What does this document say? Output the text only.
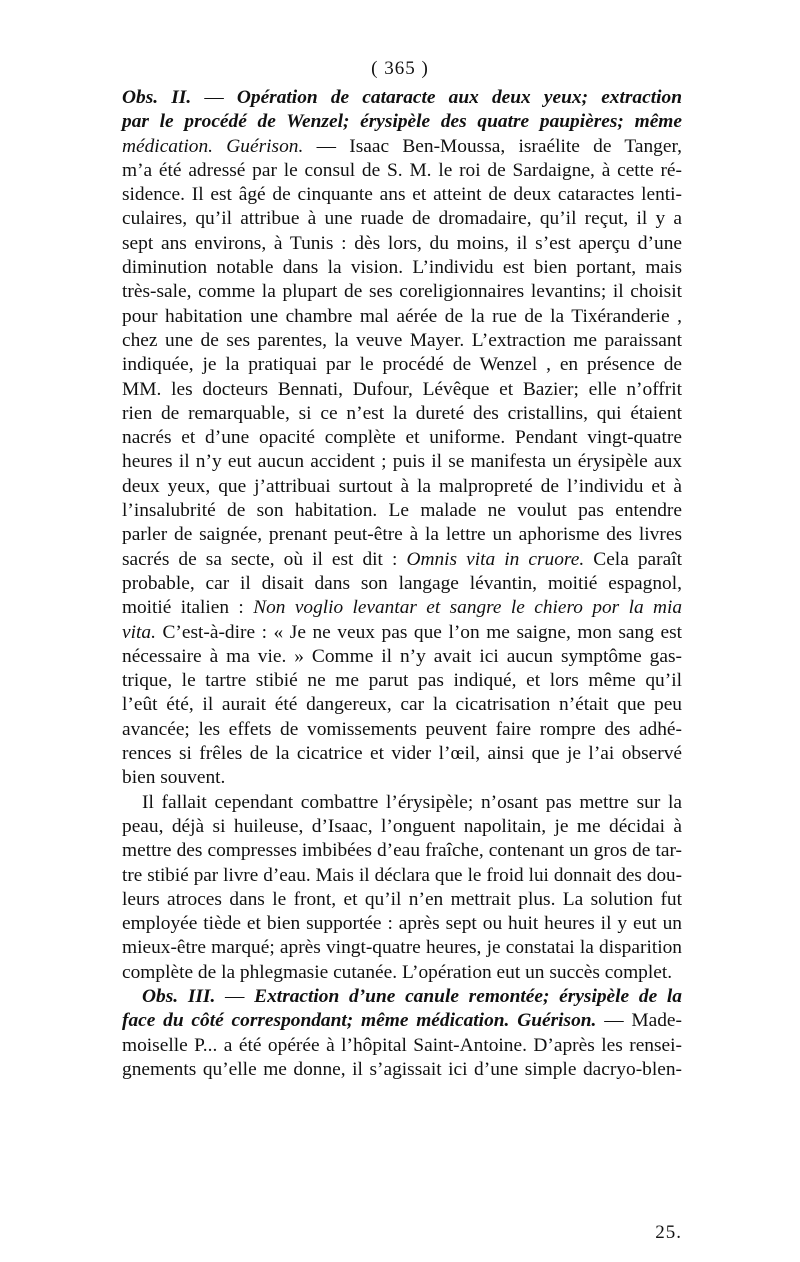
( 365 )
Obs. II. — Opération de cataracte aux deux yeux; extraction
par le procédé de Wenzel; érysipèle des quatre paupières; même
médication. Guérison. — Isaac Ben-Moussa, israélite de Tanger,
m’a été adressé par le consul de S. M. le roi de Sardaigne, à cette ré-
sidence. Il est âgé de cinquante ans et atteint de deux cataractes lenti-
culaires, qu’il attribue à une ruade de dromadaire, qu’il reçut, il y a
sept ans environs, à Tunis : dès lors, du moins, il s’est aperçu d’une
diminution notable dans la vision. L’individu est bien portant, mais
très-sale, comme la plupart de ses coreligionnaires levantins; il choisit
pour habitation une chambre mal aérée de la rue de la Tixéranderie ,
chez une de ses parentes, la veuve Mayer. L’extraction me paraissant
indiquée, je la pratiquai par le procédé de Wenzel , en présence de
MM. les docteurs Bennati, Dufour, Lévêque et Bazier; elle n’offrit
rien de remarquable, si ce n’est la dureté des cristallins, qui étaient
nacrés et d’une opacité complète et uniforme. Pendant vingt-quatre
heures il n’y eut aucun accident ; puis il se manifesta un érysipèle aux
deux yeux, que j’attribuai surtout à la malpropreté de l’individu et à
l’insalubrité de son habitation. Le malade ne voulut pas entendre
parler de saignée, prenant peut-être à la lettre un aphorisme des livres
sacrés de sa secte, où il est dit : Omnis vita in cruore. Cela paraît
probable, car il disait dans son langage lévantin, moitié espagnol,
moitié italien : Non voglio levantar et sangre le chiero por la mia
vita. C’est-à-dire : « Je ne veux pas que l’on me saigne, mon sang est
nécessaire à ma vie. » Comme il n’y avait ici aucun symptôme gas-
trique, le tartre stibié ne me parut pas indiqué, et lors même qu’il
l’eût été, il aurait été dangereux, car la cicatrisation n’était que peu
avancée; les effets de vomissements peuvent faire rompre des adhé-
rences si frêles de la cicatrice et vider l’œil, ainsi que je l’ai observé
bien souvent.
Il fallait cependant combattre l’érysipèle; n’osant pas mettre sur la
peau, déjà si huileuse, d’Isaac, l’onguent napolitain, je me décidai à
mettre des compresses imbibées d’eau fraîche, contenant un gros de tar-
tre stibié par livre d’eau. Mais il déclara que le froid lui donnait des dou-
leurs atroces dans le front, et qu’il n’en mettrait plus. La solution fut
employée tiède et bien supportée : après sept ou huit heures il y eut un
mieux-être marqué; après vingt-quatre heures, je constatai la disparition
complète de la phlegmasie cutanée. L’opération eut un succès complet.
Obs. III. — Extraction d’une canule remontée; érysipèle de la
face du côté correspondant; même médication. Guérison. — Made-
moiselle P... a été opérée à l’hôpital Saint-Antoine. D’après les rensei-
gnements qu’elle me donne, il s’agissait ici d’une simple dacryo-blen-
25.
